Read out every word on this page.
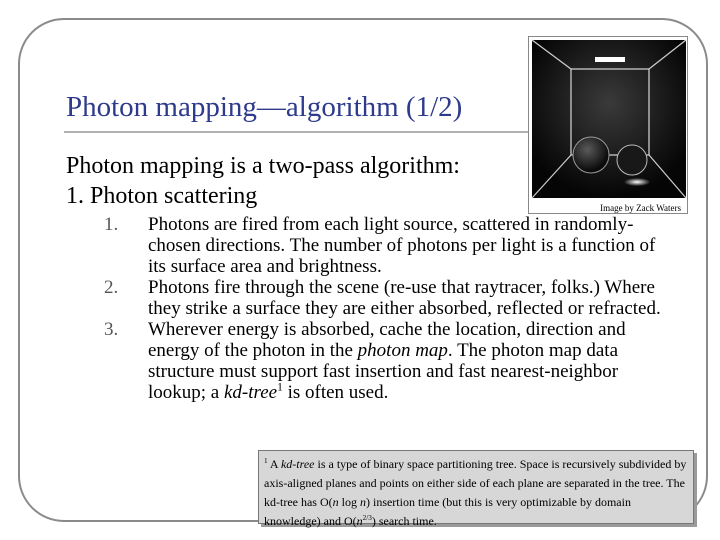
Photon mapping—algorithm (1/2)
Image by Zack Waters
Photon mapping is a two-pass algorithm:
1. Photon scattering
1. Photons are fired from each light source, scattered in randomly-chosen directions. The number of photons per light is a function of its surface area and brightness.
2. Photons fire through the scene (re-use that raytracer, folks.) Where they strike a surface they are either absorbed, reflected or refracted.
3. Wherever energy is absorbed, cache the location, direction and energy of the photon in the photon map. The photon map data structure must support fast insertion and fast nearest-neighbor lookup; a kd-tree$^1$ is often used.
$^1$ A kd-tree is a type of binary space partitioning tree. Space is recursively subdivided by axis-aligned planes and points on either side of each plane are separated in the tree. The kd-tree has O(n log n) insertion time (but this is very optimizable by domain knowledge) and $O(n^{2/3})$ search time.
